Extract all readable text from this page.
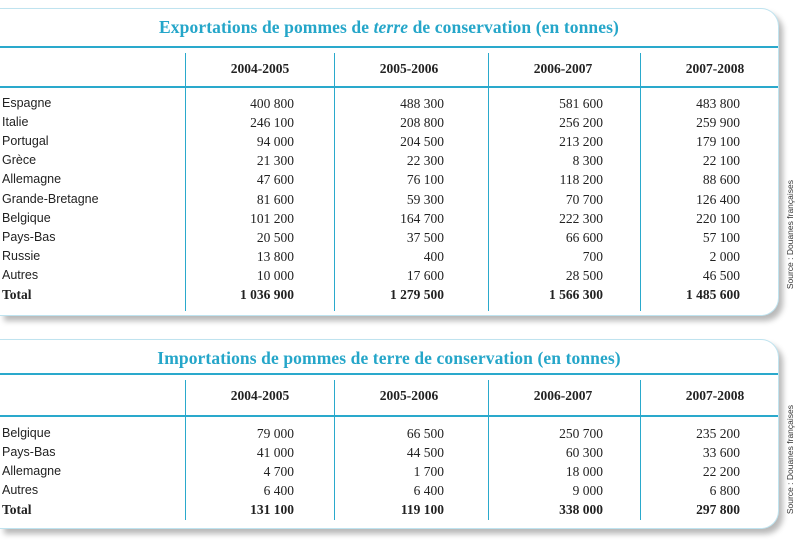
Exportations de pommes de terre de conservation (en tonnes)
2004-2005	2005-2006	2006-2007	2007-2008
Espagne	400 800	488 300	581 600	483 800
Italie	246 100	208 800	256 200	259 900
Portugal	94 000	204 500	213 200	179 100
Grèce	21 300	22 300	8 300	22 100
Allemagne	47 600	76 100	118 200	88 600
Grande-Bretagne	81 600	59 300	70 700	126 400
Belgique	101 200	164 700	222 300	220 100
Pays-Bas	20 500	37 500	66 600	57 100
Russie	13 800	400	700	2 000
Autres	10 000	17 600	28 500	46 500
Total	1 036 900	1 279 500	1 566 300	1 485 600
Source : Douanes françaises
Importations de pommes de terre de conservation (en tonnes)
2004-2005	2005-2006	2006-2007	2007-2008
Belgique	79 000	66 500	250 700	235 200
Pays-Bas	41 000	44 500	60 300	33 600
Allemagne	4 700	1 700	18 000	22 200
Autres	6 400	6 400	9 000	6 800
Total	131 100	119 100	338 000	297 800	Source : Douanes françaises
